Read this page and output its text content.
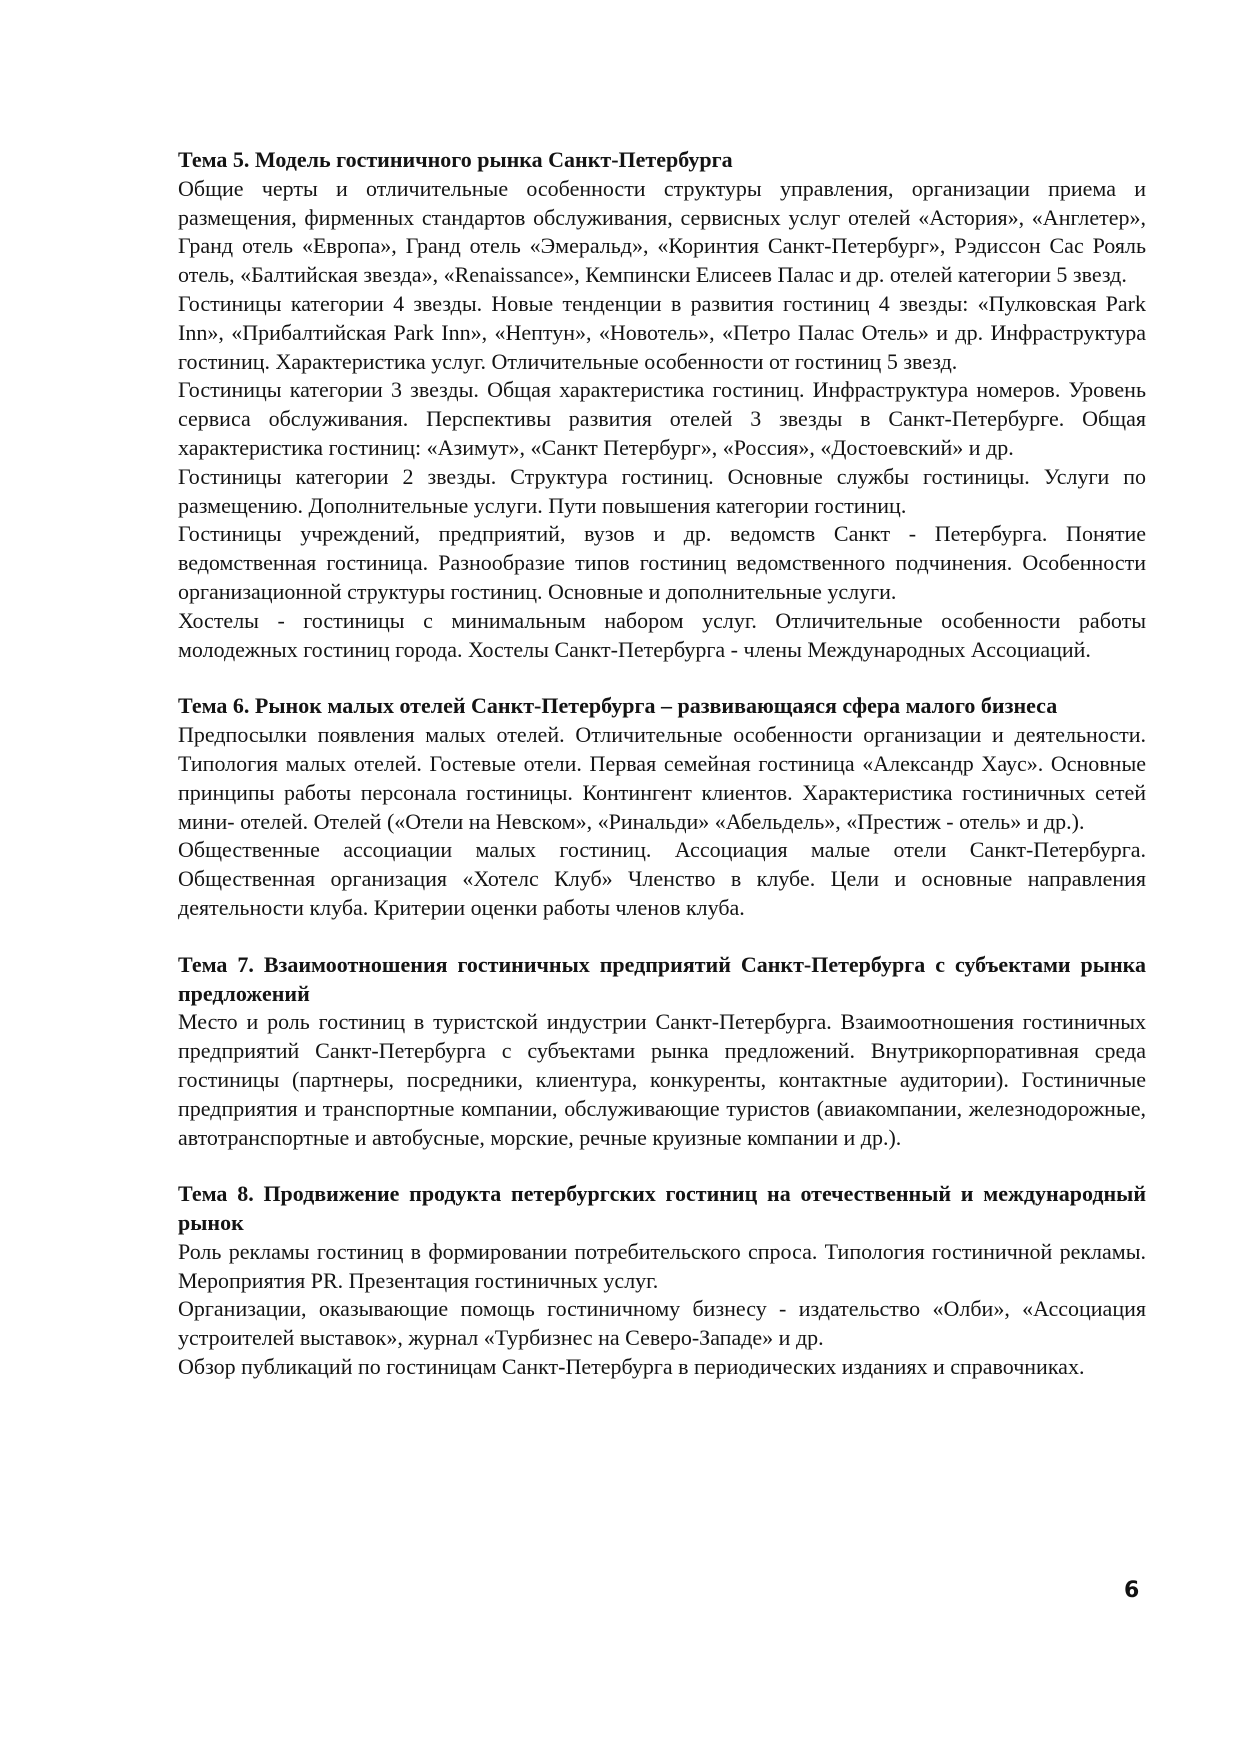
Тема 5. Модель гостиничного рынка Санкт-Петербурга

Общие черты и отличительные особенности структуры управления, организации приема и размещения, фирменных стандартов обслуживания, сервисных услуг отелей «Астория», «Англетер», Гранд отель «Европа», Гранд отель «Эмеральд», «Коринтия Санкт-Петербург», Рэдиссон Сас Рояль отель, «Балтийская звезда», «Renaissance», Кемпински Елисеев Палас и др. отелей категории 5 звезд.

Гостиницы категории 4 звезды. Новые тенденции в развития гостиниц 4 звезды: «Пулковская Park Inn», «Прибалтийская Park Inn», «Нептун», «Новотель», «Петро Палас Отель» и др. Инфраструктура гостиниц. Характеристика услуг. Отличительные особенности от гостиниц 5 звезд.

Гостиницы категории 3 звезды. Общая характеристика гостиниц. Инфраструктура номеров. Уровень сервиса обслуживания. Перспективы развития отелей 3 звезды в Санкт-Петербурге. Общая характеристика гостиниц: «Азимут», «Санкт Петербург», «Россия», «Достоевский» и др.

Гостиницы категории 2 звезды. Структура гостиниц. Основные службы гостиницы. Услуги по размещению. Дополнительные услуги. Пути повышения категории гостиниц.

Гостиницы учреждений, предприятий, вузов и др. ведомств Санкт - Петербурга. Понятие ведомственная гостиница. Разнообразие типов гостиниц ведомственного подчинения. Особенности организационной структуры гостиниц. Основные и дополнительные услуги.

Хостелы - гостиницы с минимальным набором услуг. Отличительные особенности работы молодежных гостиниц города. Хостелы Санкт-Петербурга - члены Международных Ассоциаций.

Тема 6. Рынок малых отелей Санкт-Петербурга – развивающаяся сфера малого бизнеса

Предпосылки появления малых отелей. Отличительные особенности организации и деятельности. Типология малых отелей. Гостевые отели. Первая семейная гостиница «Александр Хаус». Основные принципы работы персонала гостиницы. Контингент клиентов. Характеристика гостиничных сетей мини- отелей. Отелей («Отели на Невском», «Ринальди» «Абельдель», «Престиж - отель» и др.).

Общественные ассоциации малых гостиниц. Ассоциация малые отели Санкт-Петербурга. Общественная организация «Хотелс Клуб» Членство в клубе. Цели и основные направления деятельности клуба. Критерии оценки работы членов клуба.

Тема 7. Взаимоотношения гостиничных предприятий Санкт-Петербурга с субъектами рынка предложений

Место и роль гостиниц в туристской индустрии Санкт-Петербурга. Взаимоотношения гостиничных предприятий Санкт-Петербурга с субъектами рынка предложений. Внутрикорпоративная среда гостиницы (партнеры, посредники, клиентура, конкуренты, контактные аудитории). Гостиничные предприятия и транспортные компании, обслуживающие туристов (авиакомпании, железнодорожные, автотранспортные и автобусные, морские, речные круизные компании и др.).

Тема 8. Продвижение продукта петербургских гостиниц на отечественный и международный рынок

Роль рекламы гостиниц в формировании потребительского спроса. Типология гостиничной рекламы. Мероприятия PR. Презентация гостиничных услуг.

Организации, оказывающие помощь гостиничному бизнесу - издательство «Олби», «Ассоциация устроителей выставок», журнал «Турбизнес на Северо-Западе» и др.

Обзор публикаций по гостиницам Санкт-Петербурга в периодических изданиях и справочниках.

6
